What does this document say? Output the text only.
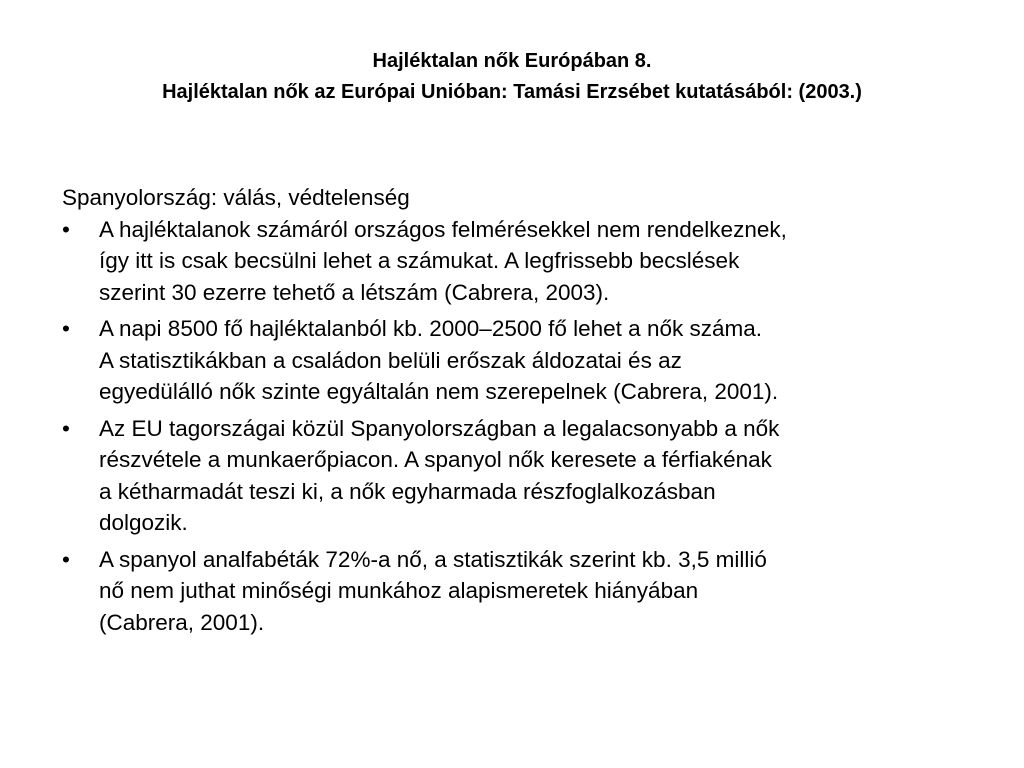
Hajléktalan nők Európában 8.
Hajléktalan nők az Európai Unióban: Tamási Erzsébet kutatásából: (2003.)
Spanyolország: válás, védtelenség
• A hajléktalanok számáról országos felmérésekkel nem rendelkeznek,
így itt is csak becsülni lehet a számukat. A legfrissebb becslések
szerint 30 ezerre tehető a létszám (Cabrera, 2003).
• A napi 8500 fő hajléktalanból kb. 2000–2500 fő lehet a nők száma.
A statisztikákban a családon belüli erőszak áldozatai és az
egyedülálló nők szinte egyáltalán nem szerepelnek (Cabrera, 2001).
• Az EU tagországai közül Spanyolországban a legalacsonyabb a nők
részvétele a munkaerőpiacon. A spanyol nők keresete a férfiakénak
a kétharmadát teszi ki, a nők egyharmada részfoglalkozásban
dolgozik.
• A spanyol analfabéták 72%-a nő, a statisztikák szerint kb. 3,5 millió
nő nem juthat minőségi munkához alapismeretek hiányában
(Cabrera, 2001).
